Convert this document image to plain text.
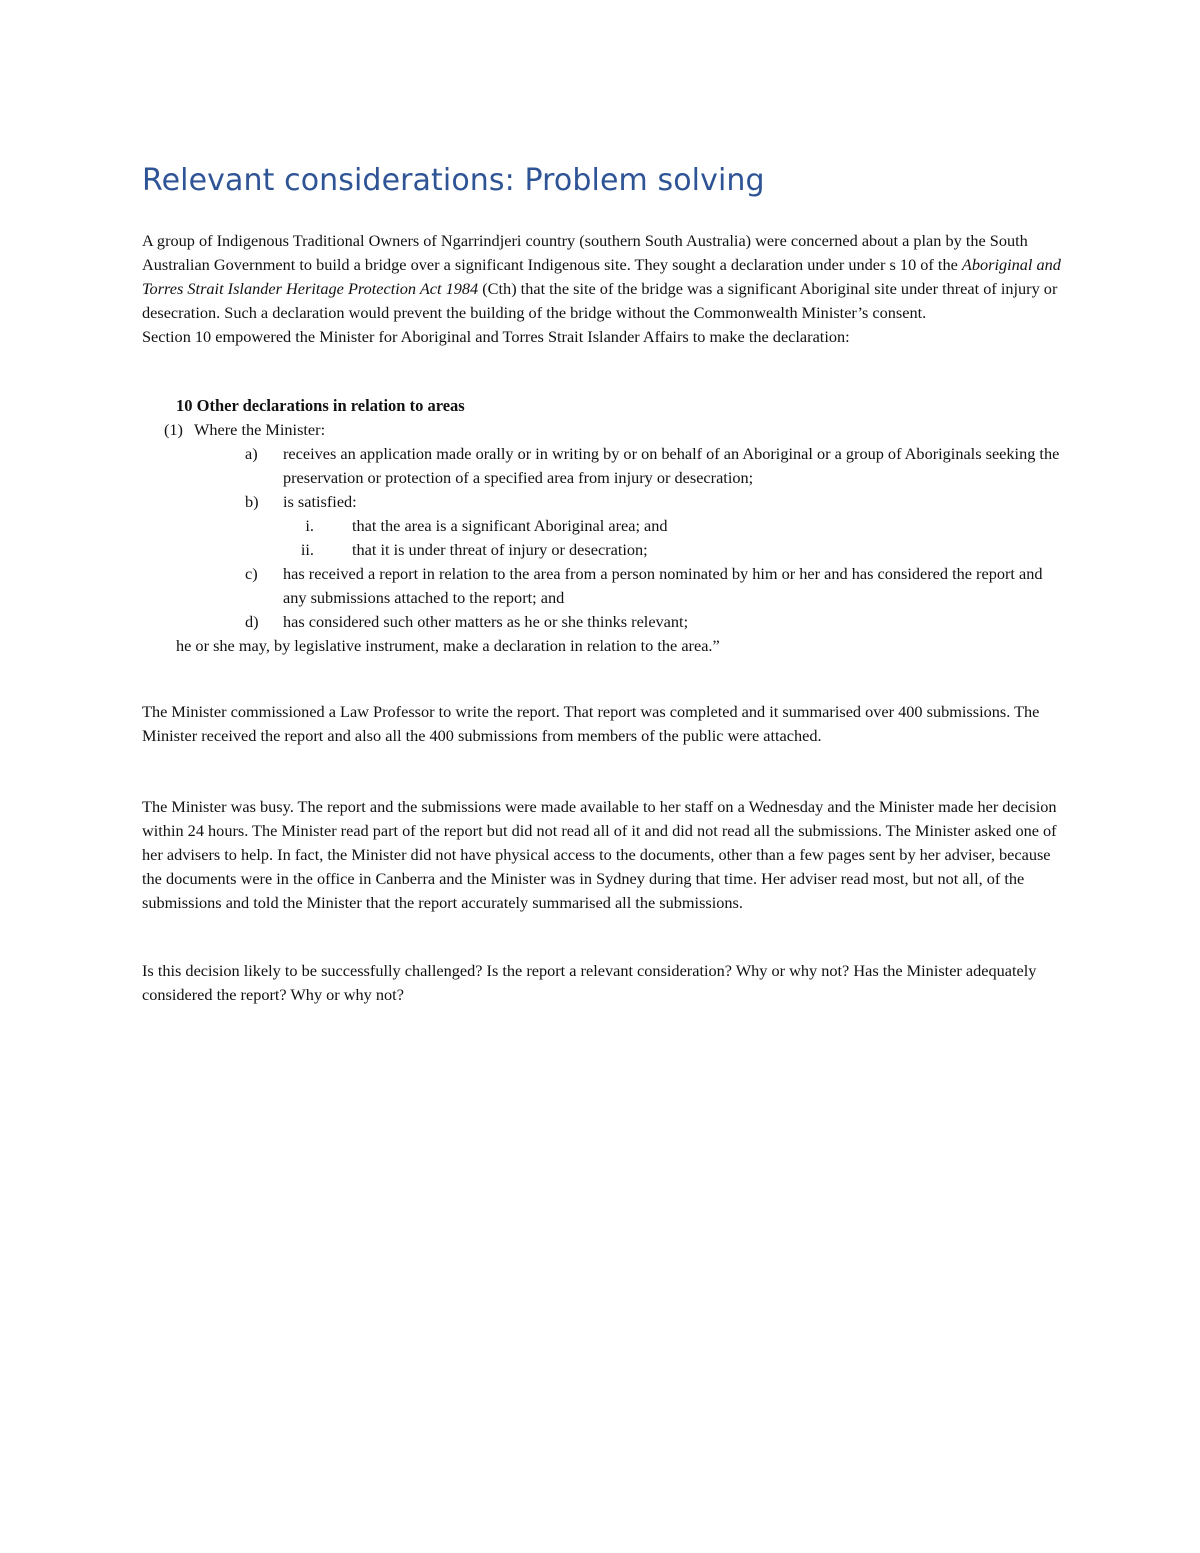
Relevant considerations: Problem solving

A group of Indigenous Traditional Owners of Ngarrindjeri country (southern South Australia) were concerned about a plan by the South Australian Government to build a bridge over a significant Indigenous site. They sought a declaration under under s 10 of the Aboriginal and Torres Strait Islander Heritage Protection Act 1984 (Cth) that the site of the bridge was a significant Aboriginal site under threat of injury or desecration. Such a declaration would prevent the building of the bridge without the Commonwealth Minister’s consent.

Section 10 empowered the Minister for Aboriginal and Torres Strait Islander Affairs to make the declaration:

10 Other declarations in relation to areas
(1) Where the Minister:
a)	receives an application made orally or in writing by or on behalf of an Aboriginal or a group of Aboriginals seeking the preservation or protection of a specified area from injury or desecration;
b)	is satisfied:
i. that the area is a significant Aboriginal area; and
ii. that it is under threat of injury or desecration;
c)	has received a report in relation to the area from a person nominated by him or her and has considered the report and any submissions attached to the report; and
d)	has considered such other matters as he or she thinks relevant;
he or she may, by legislative instrument, make a declaration in relation to the area.”

The Minister commissioned a Law Professor to write the report. That report was completed and it summarised over 400 submissions. The Minister received the report and also all the 400 submissions from members of the public were attached.

The Minister was busy. The report and the submissions were made available to her staff on a Wednesday and the Minister made her decision within 24 hours. The Minister read part of the report but did not read all of it and did not read all the submissions. The Minister asked one of her advisers to help. In fact, the Minister did not have physical access to the documents, other than a few pages sent by her adviser, because the documents were in the office in Canberra and the Minister was in Sydney during that time. Her adviser read most, but not all, of the submissions and told the Minister that the report accurately summarised all the submissions.

Is this decision likely to be successfully challenged? Is the report a relevant consideration? Why or why not? Has the Minister adequately considered the report? Why or why not?
